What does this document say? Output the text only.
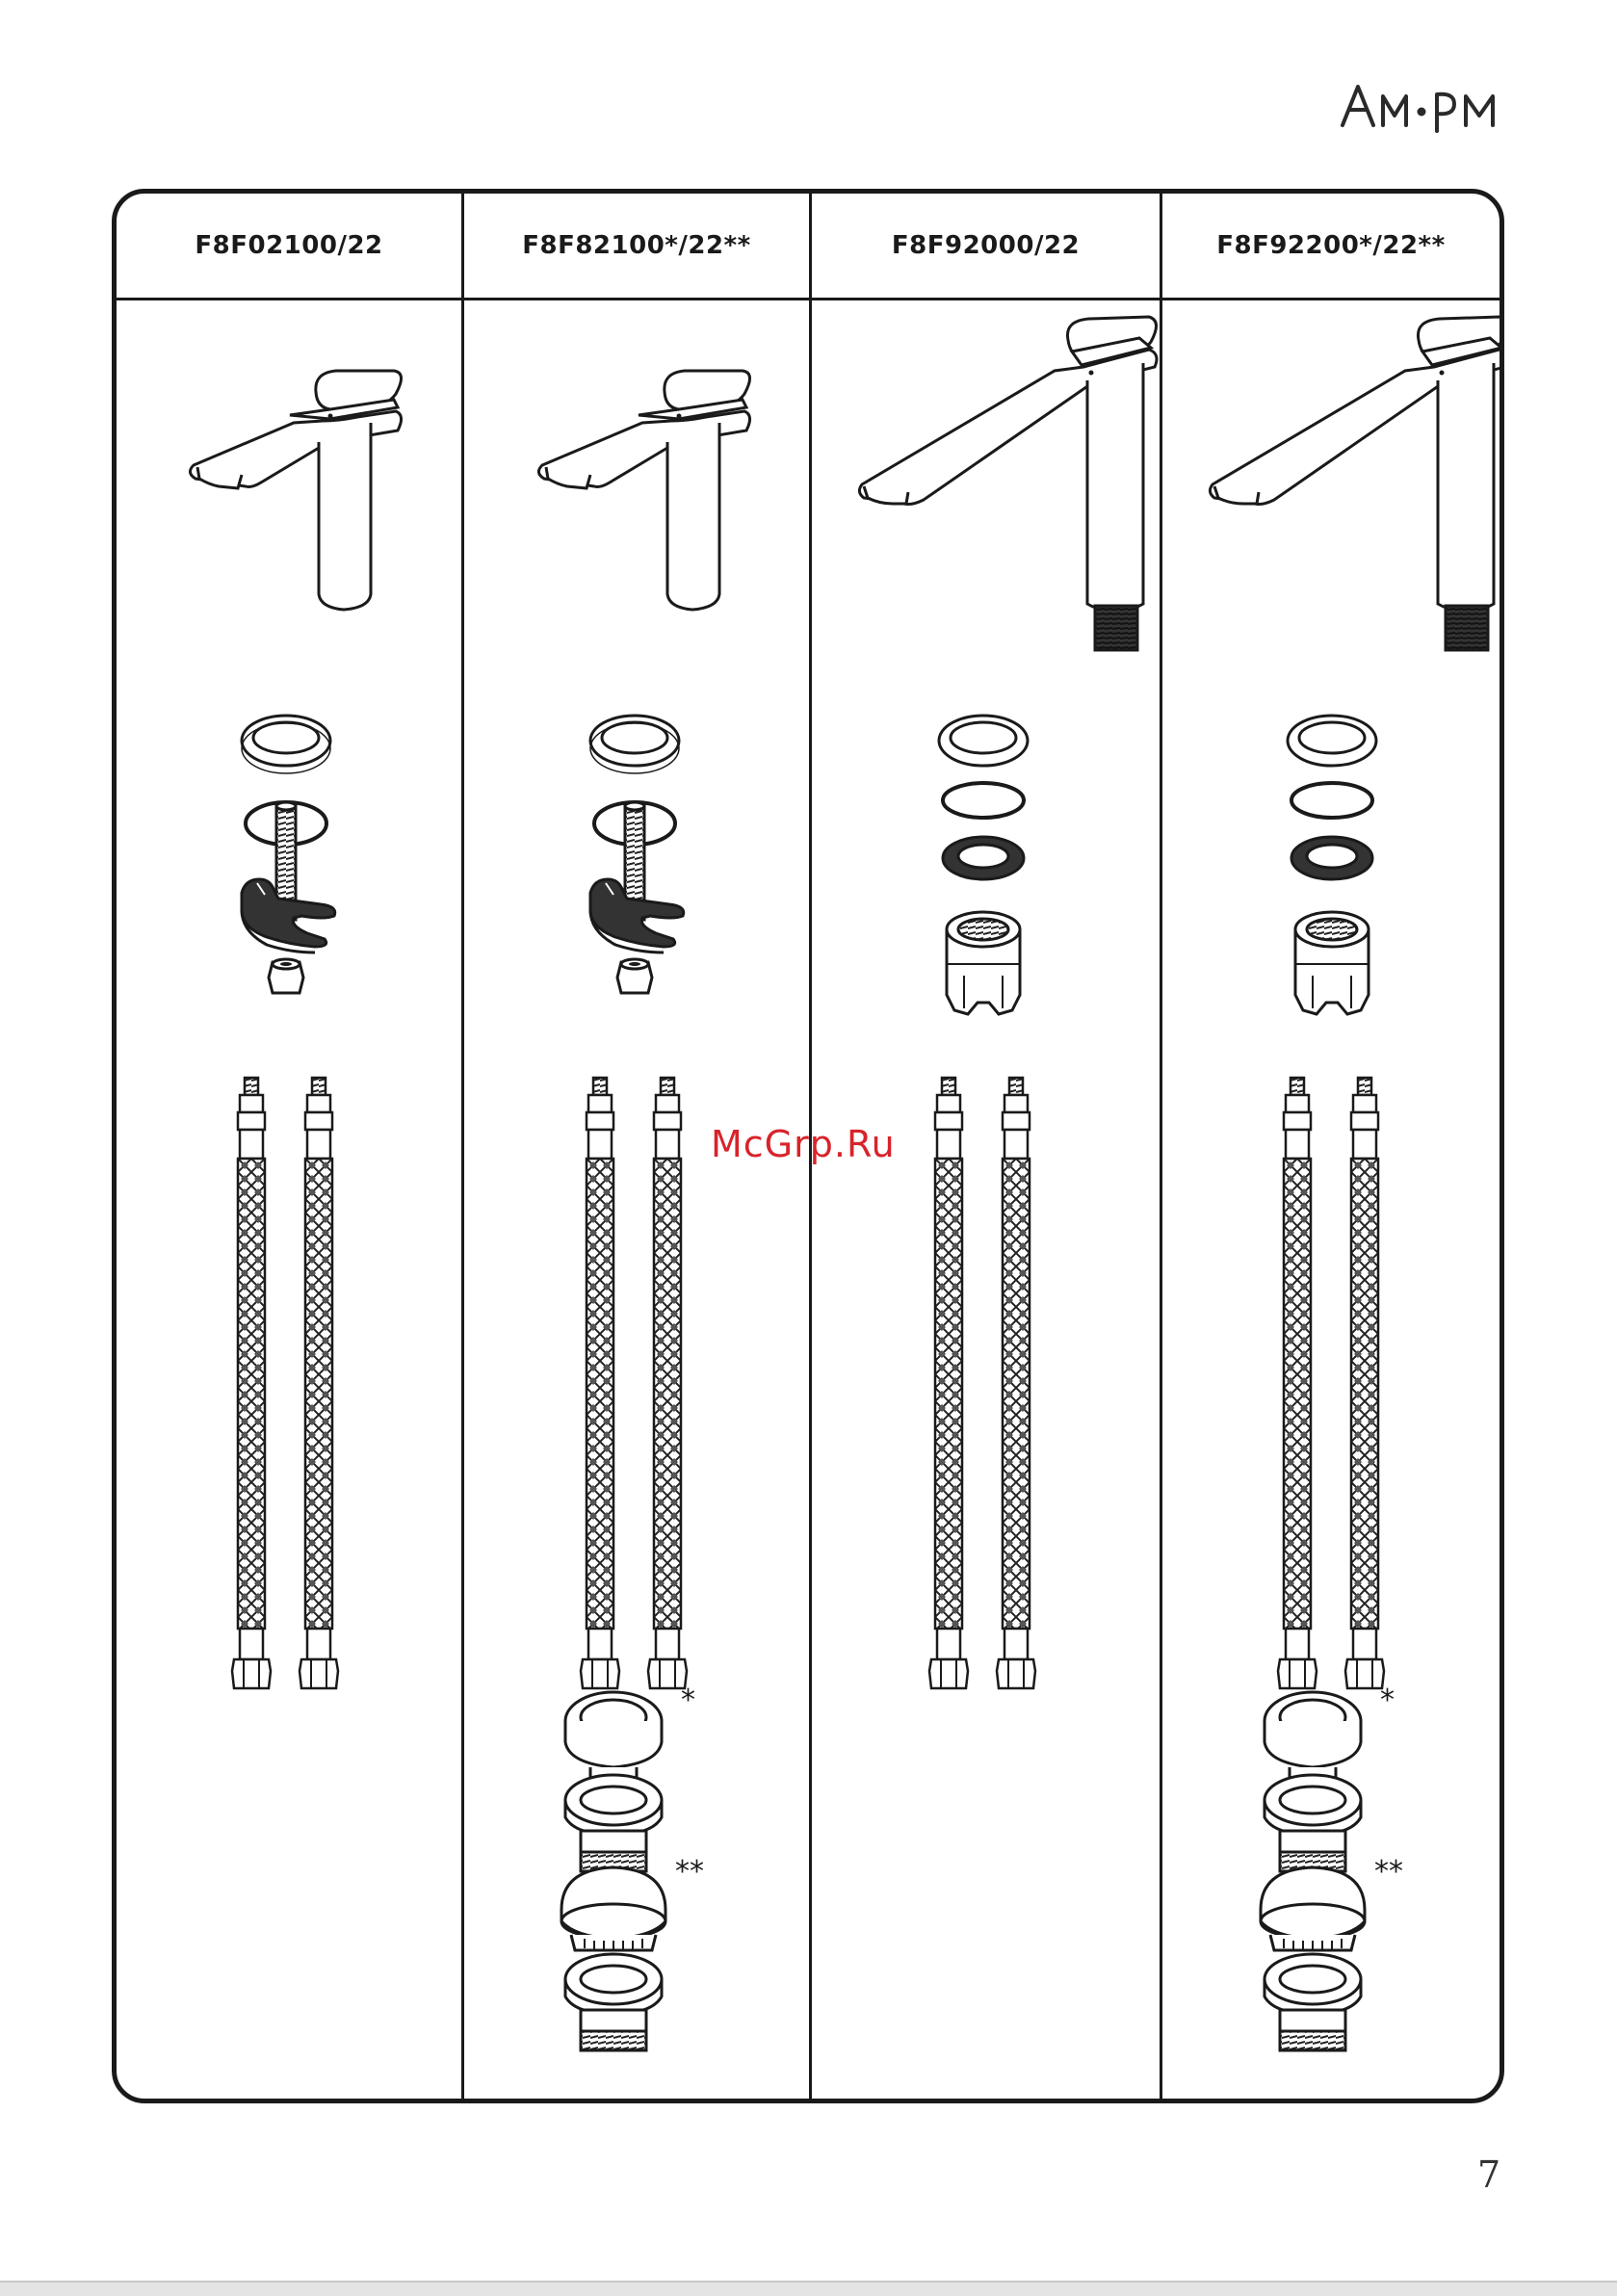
F8F02100/22	F8F82100*/22**	F8F92000/22	F8F92200*/22**
*
**
*
**
McGrp.Ru
7
